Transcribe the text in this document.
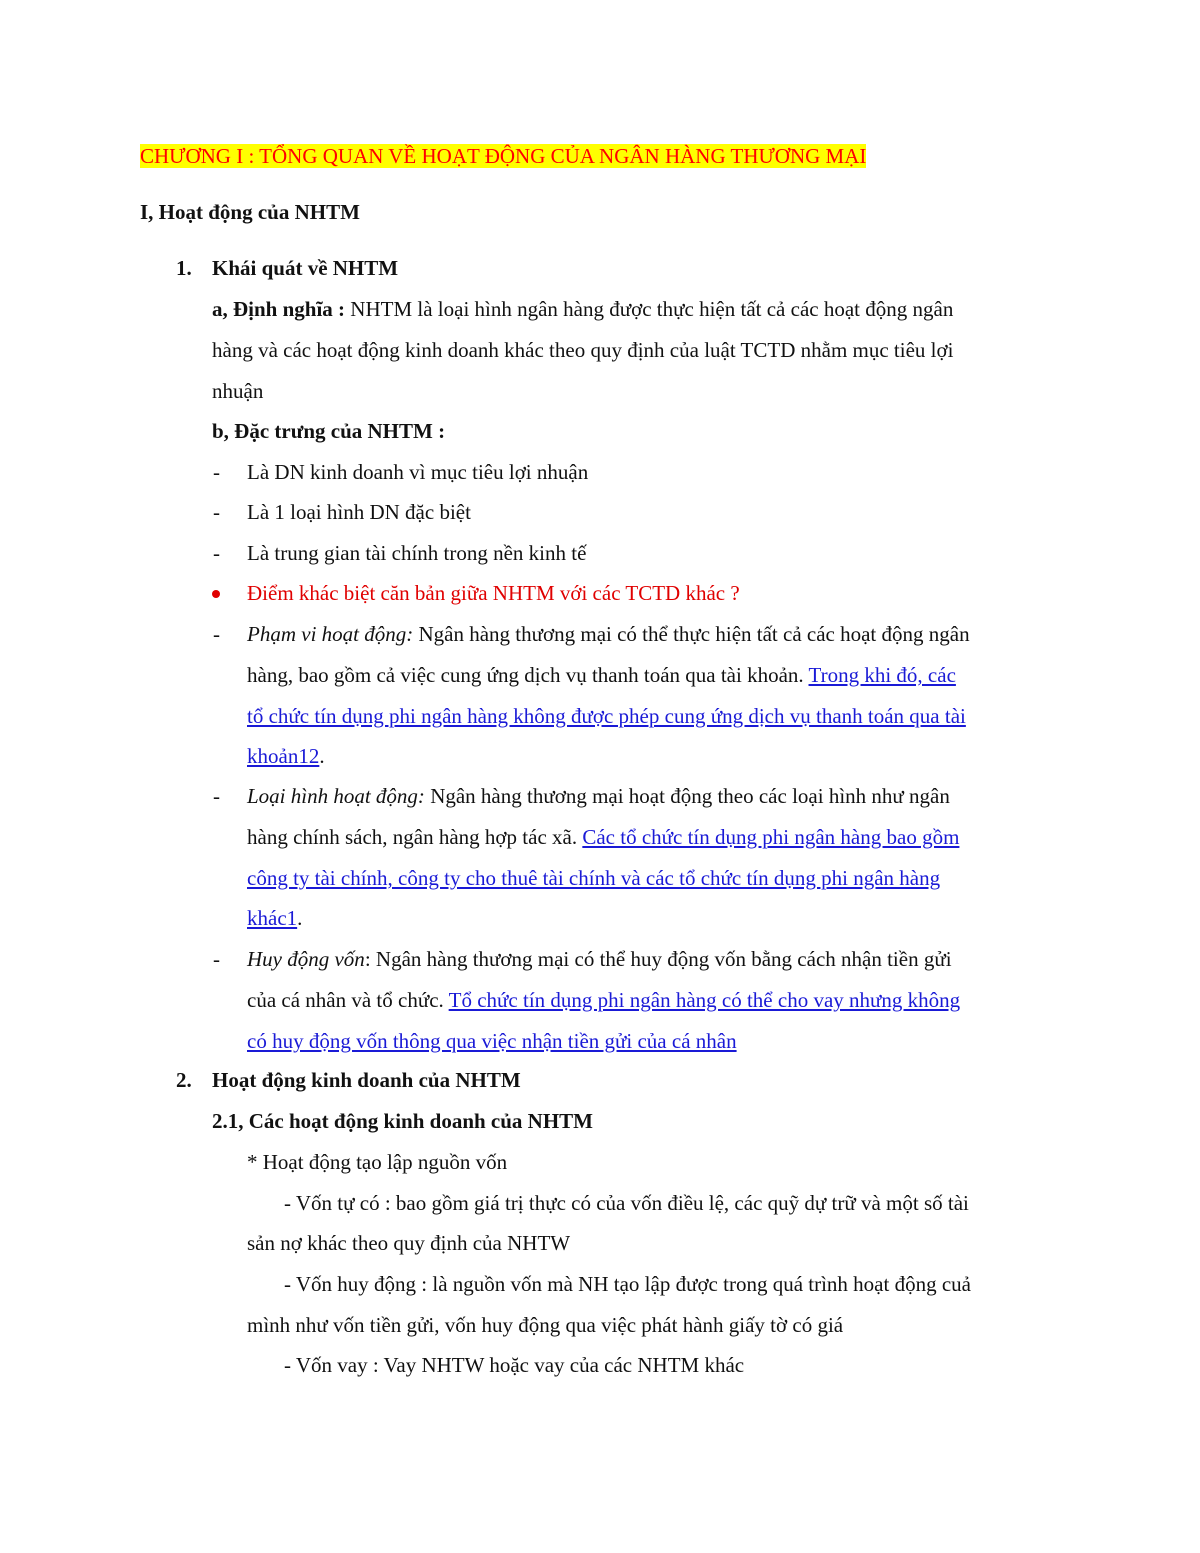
CHƯƠNG I : TỔNG QUAN VỀ HOẠT ĐỘNG CỦA NGÂN HÀNG THƯƠNG MẠI
I, Hoạt động của NHTM
1. Khái quát về NHTM
a, Định nghĩa : NHTM là loại hình ngân hàng được thực hiện tất cả các hoạt động ngân
hàng và các hoạt động kinh doanh khác theo quy định của luật TCTD nhằm mục tiêu lợi
nhuận
b, Đặc trưng của NHTM :
- Là DN kinh doanh vì mục tiêu lợi nhuận
- Là 1 loại hình DN đặc biệt
- Là trung gian tài chính trong nền kinh tế
Điểm khác biệt căn bản giữa NHTM với các TCTD khác ?
- Phạm vi hoạt động: Ngân hàng thương mại có thể thực hiện tất cả các hoạt động ngân
hàng, bao gồm cả việc cung ứng dịch vụ thanh toán qua tài khoản. Trong khi đó, các
tổ chức tín dụng phi ngân hàng không được phép cung ứng dịch vụ thanh toán qua tài
khoản12.
- Loại hình hoạt động: Ngân hàng thương mại hoạt động theo các loại hình như ngân
hàng chính sách, ngân hàng hợp tác xã. Các tổ chức tín dụng phi ngân hàng bao gồm
công ty tài chính, công ty cho thuê tài chính và các tổ chức tín dụng phi ngân hàng
khác1.
- Huy động vốn: Ngân hàng thương mại có thể huy động vốn bằng cách nhận tiền gửi
của cá nhân và tổ chức. Tổ chức tín dụng phi ngân hàng có thể cho vay nhưng không
có huy động vốn thông qua việc nhận tiền gửi của cá nhân
2. Hoạt động kinh doanh của NHTM
2.1, Các hoạt động kinh doanh của NHTM
* Hoạt động tạo lập nguồn vốn
- Vốn tự có : bao gồm giá trị thực có của vốn điều lệ, các quỹ dự trữ và một số tài
sản nợ khác theo quy định của NHTW
- Vốn huy động : là nguồn vốn mà NH tạo lập được trong quá trình hoạt động cuả
mình như vốn tiền gửi, vốn huy động qua việc phát hành giấy tờ có giá
- Vốn vay : Vay NHTW hoặc vay của các NHTM khác
